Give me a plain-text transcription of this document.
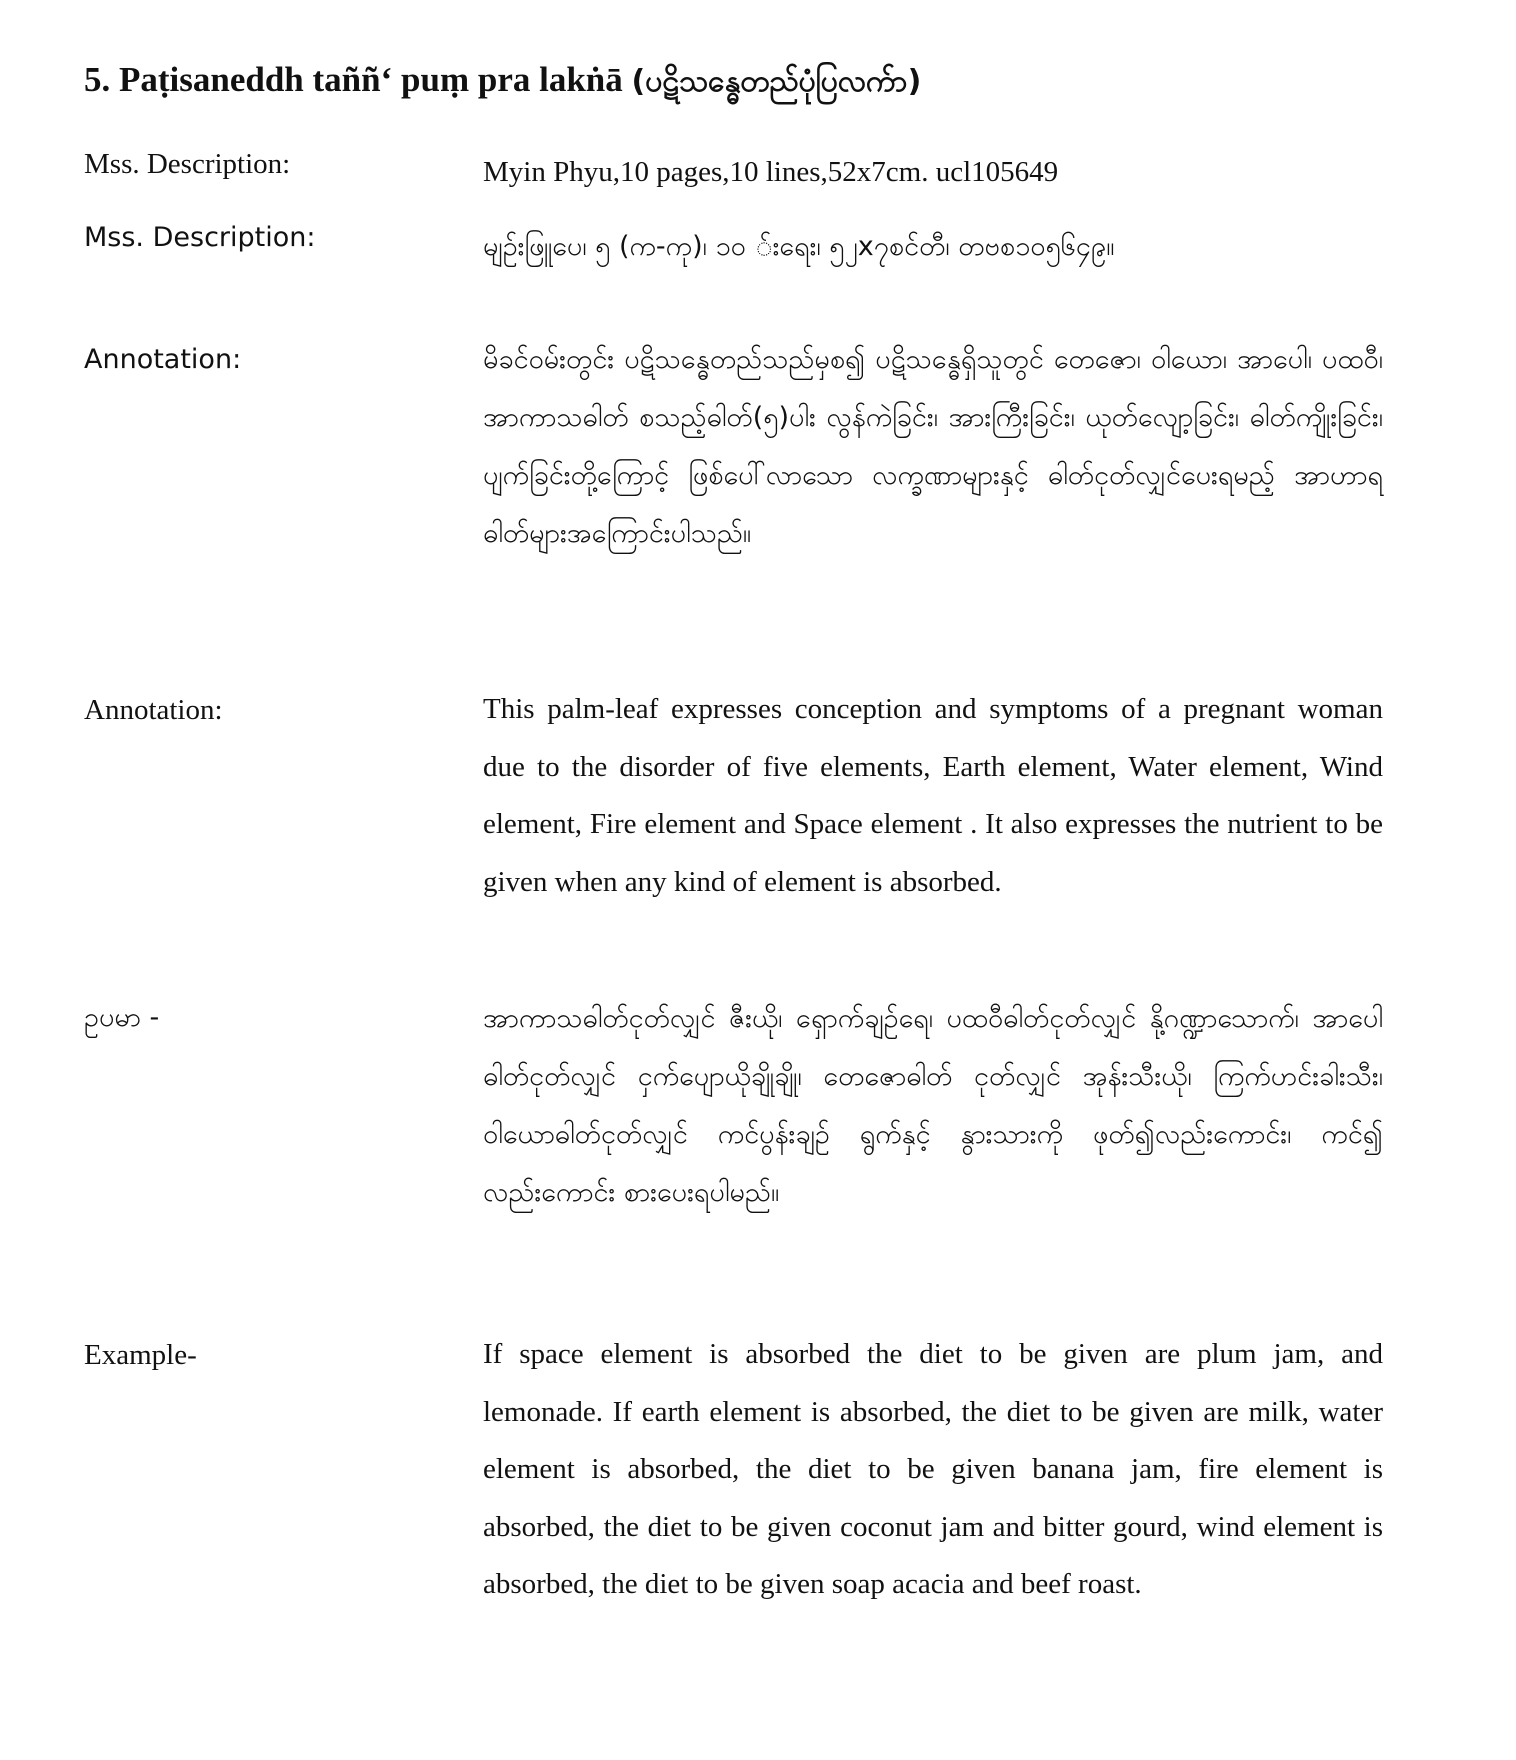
5. Paṭisaneddh taññ‘ puṃ pra lakṅā (ပဋိသန္ဓေတည်ပုံပြလက်ာ)
Mss. Description:	Myin Phyu,10 pages,10 lines,52x7cm. ucl105649
Mss. Description:	မျဉ်းဖြူပေ၊ ၅ (က-ကု)၊ ၁၀ ်းရေး၊ ၅၂x၇စင်တီ၊ တဗစ၁၀၅၆၄၉။
Annotation:	မိခင်ဝမ်းတွင်း ပဋိသန္ဓေတည်သည်မှစ၍ ပဋိသန္ဓေရှိသူတွင် တေဇော၊ ဝါယော၊ အာပေါ၊ ပထဝီ၊ အာကာသဓါတ် စသည့်ဓါတ်(၅)ပါး လွန်ကဲခြင်း၊ အားကြီးခြင်း၊ ယုတ်လျော့ခြင်း၊ ဓါတ်ကျိုးခြင်း၊ ပျက်ခြင်းတို့ကြောင့် ဖြစ်ပေါ်လာသော လက္ခဏာများနှင့် ဓါတ်ငုတ်လျှင်ပေးရမည့် အာဟာရ ဓါတ်များအကြောင်းပါသည်။
Annotation:	This palm-leaf expresses conception and symptoms of a pregnant woman due to the disorder of five elements, Earth element, Water element, Wind element, Fire element and Space element . It also expresses the nutrient to be given when any kind of element is absorbed.
ဥပမာ -	အာကာသဓါတ်ငုတ်လျှင် ဇီးယို၊ ရှောက်ချဉ်ရေ၊ ပထဝီဓါတ်ငုတ်လျှင် နို့ဂဏ္ဍာသောက်၊ အာပေါဓါတ်ငုတ်လျှင် ငှက်ပျောယိုချိုချို၊ တေဇောဓါတ် ငုတ်လျှင် အုန်းသီးယို၊ ကြက်ဟင်းခါးသီး၊ ဝါယောဓါတ်ငုတ်လျှင် ကင်ပွန်းချဉ် ရွက်နှင့် နွားသားကို ဖုတ်၍လည်းကောင်း၊ ကင်၍ လည်းကောင်း စားပေးရပါမည်။
Example-	If space element is absorbed the diet to be given are plum jam, and lemonade. If earth element is absorbed, the diet to be given are milk, water element is absorbed, the diet to be given banana jam, fire element is absorbed, the diet to be given coconut jam and bitter gourd, wind element is absorbed, the diet to be given soap acacia and beef roast.
